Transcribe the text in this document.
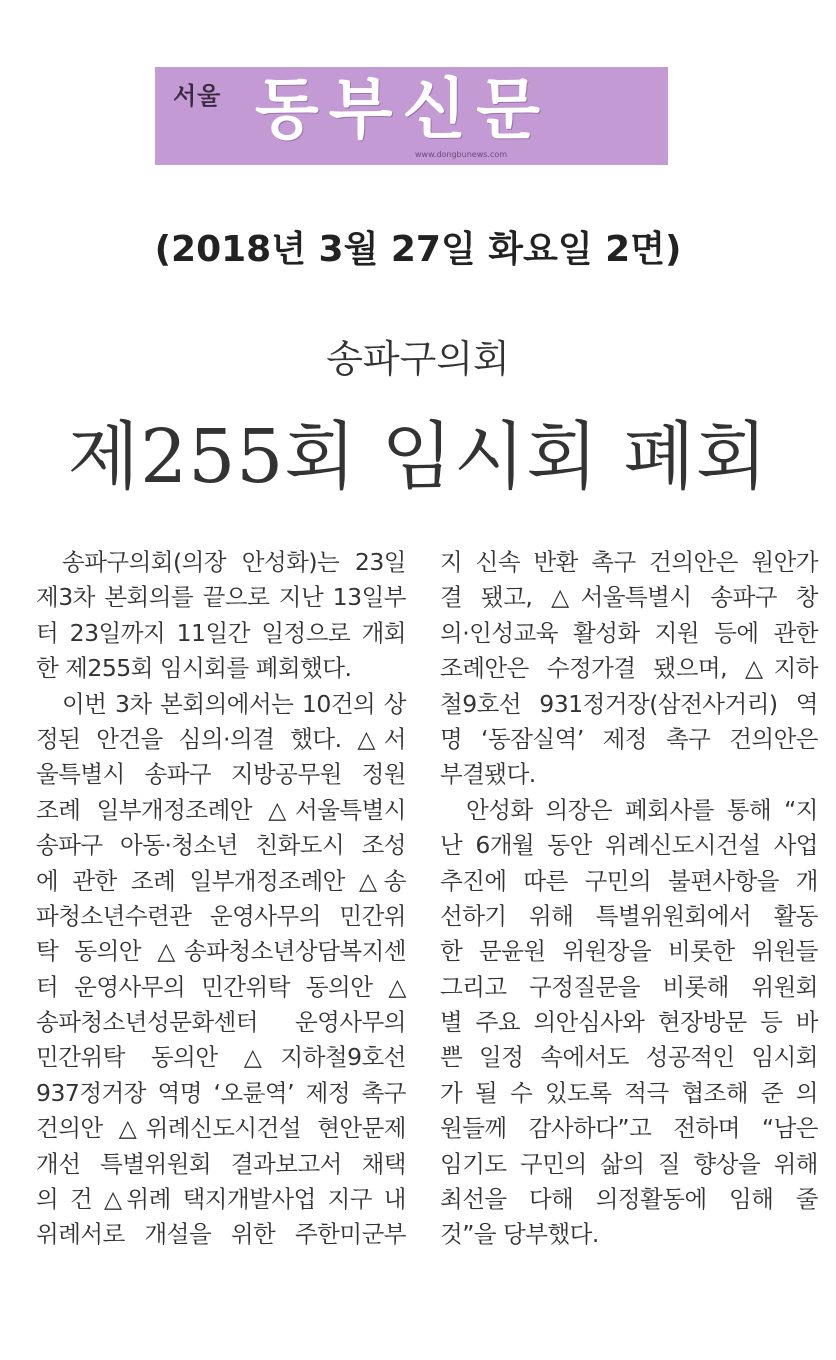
서울 동부신문
www.dongbunews.com
(2018년 3월 27일 화요일 2면)
송파구의회
제255회 임시회 폐회
송파구의회(의장 안성화)는 23일
제3차 본회의를 끝으로 지난 13일부
터 23일까지 11일간 일정으로 개회
한 제255회 임시회를 폐회했다.
이번 3차 본회의에서는 10건의 상
정된 안건을 심의·의결 했다. △서
울특별시 송파구 지방공무원 정원
조례 일부개정조례안 △서울특별시
송파구 아동·청소년 친화도시 조성
에 관한 조례 일부개정조례안 △송
파청소년수련관 운영사무의 민간위
탁 동의안 △송파청소년상담복지센
터 운영사무의 민간위탁 동의안 △
송파청소년성문화센터 운영사무의
민간위탁 동의안 △지하철9호선
937정거장 역명 ‘오륜역’ 제정 촉구
건의안 △위례신도시건설 현안문제
개선 특별위원회 결과보고서 채택
의 건 △위례 택지개발사업 지구 내
위례서로 개설을 위한 주한미군부
지 신속 반환 촉구 건의안은 원안가
결 됐고, △서울특별시 송파구 창
의·인성교육 활성화 지원 등에 관한
조례안은 수정가결 됐으며, △지하
철9호선 931정거장(삼전사거리) 역
명 ‘동잠실역’ 제정 촉구 건의안은
부결됐다.
안성화 의장은 폐회사를 통해 “지
난 6개월 동안 위례신도시건설 사업
추진에 따른 구민의 불편사항을 개
선하기 위해 특별위원회에서 활동
한 문윤원 위원장을 비롯한 위원들
그리고 구정질문을 비롯해 위원회
별 주요 의안심사와 현장방문 등 바
쁜 일정 속에서도 성공적인 임시회
가 될 수 있도록 적극 협조해 준 의
원들께 감사하다”고 전하며 “남은
임기도 구민의 삶의 질 향상을 위해
최선을 다해 의정활동에 임해 줄
것”을 당부했다.
